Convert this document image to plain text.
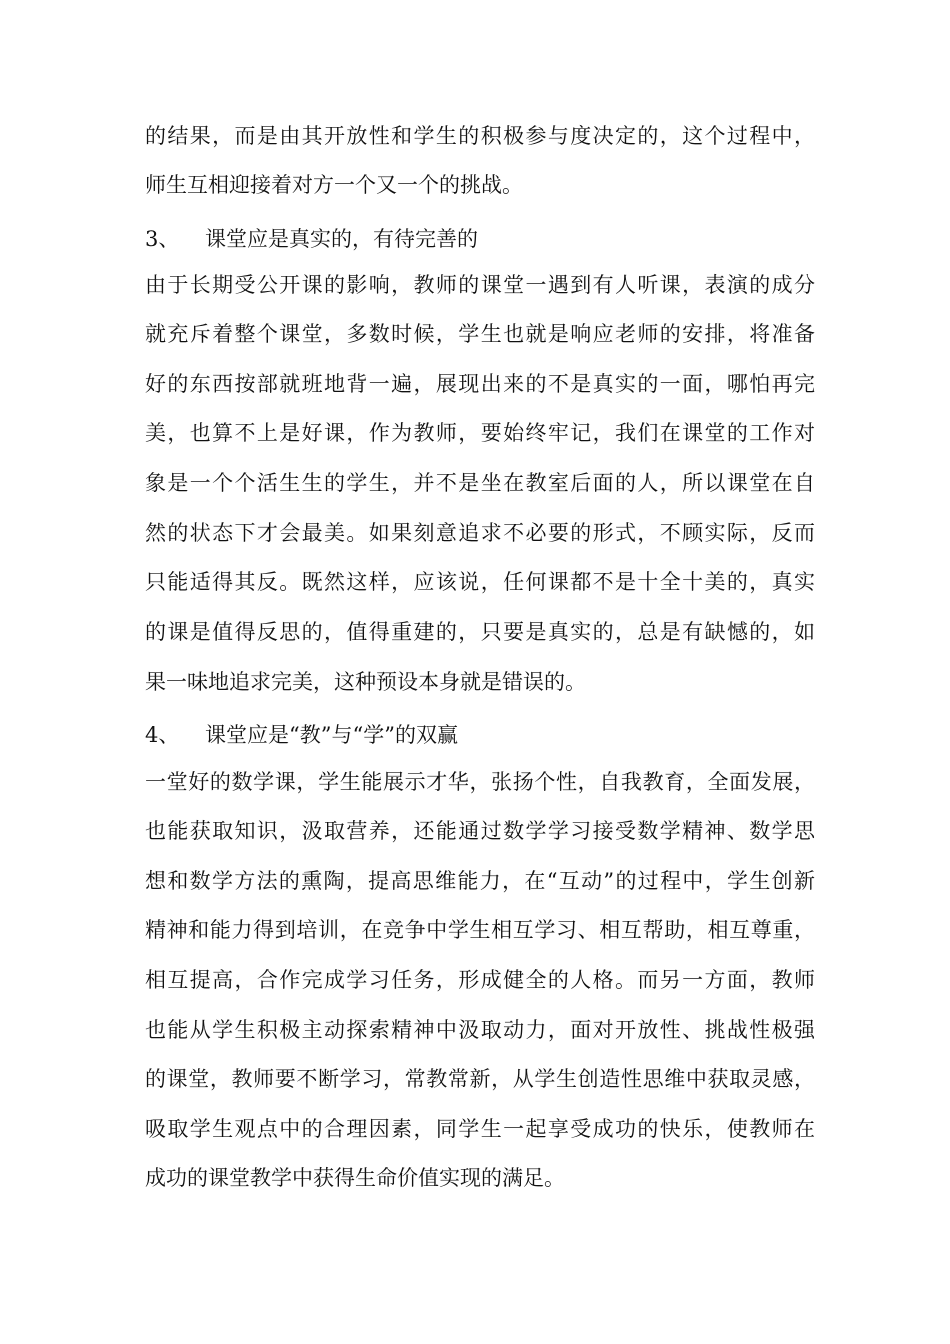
的结果，而是由其开放性和学生的积极参与度决定的，这个过程中，
师生互相迎接着对方一个又一个的挑战。
3、 课堂应是真实的，有待完善的
由于长期受公开课的影响，教师的课堂一遇到有人听课，表演的成分
就充斥着整个课堂，多数时候，学生也就是响应老师的安排，将准备
好的东西按部就班地背一遍，展现出来的不是真实的一面，哪怕再完
美，也算不上是好课，作为教师，要始终牢记，我们在课堂的工作对
象是一个个活生生的学生，并不是坐在教室后面的人，所以课堂在自
然的状态下才会最美。如果刻意追求不必要的形式，不顾实际，反而
只能适得其反。既然这样，应该说，任何课都不是十全十美的，真实
的课是值得反思的，值得重建的，只要是真实的，总是有缺憾的，如
果一味地追求完美，这种预设本身就是错误的。
4、 课堂应是“教”与“学”的双赢
一堂好的数学课，学生能展示才华，张扬个性，自我教育，全面发展，
也能获取知识，汲取营养，还能通过数学学习接受数学精神、数学思
想和数学方法的熏陶，提高思维能力，在“互动”的过程中，学生创新
精神和能力得到培训，在竞争中学生相互学习、相互帮助，相互尊重，
相互提高，合作完成学习任务，形成健全的人格。而另一方面，教师
也能从学生积极主动探索精神中汲取动力，面对开放性、挑战性极强
的课堂，教师要不断学习，常教常新，从学生创造性思维中获取灵感，
吸取学生观点中的合理因素，同学生一起享受成功的快乐，使教师在
成功的课堂教学中获得生命价值实现的满足。
